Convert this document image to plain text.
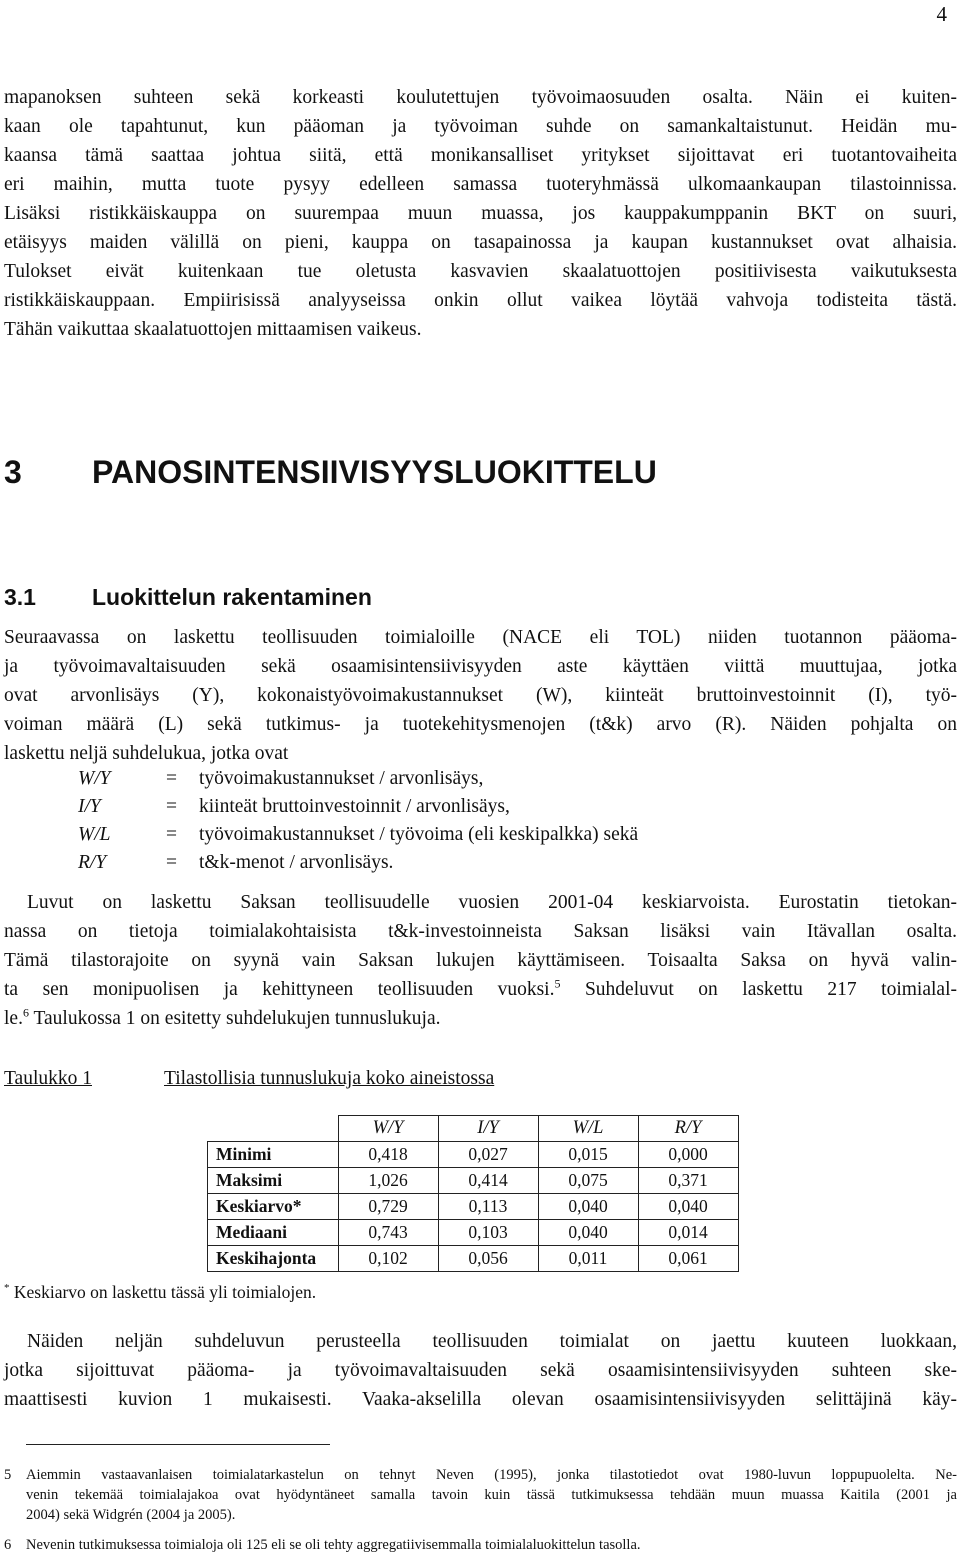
4

mapanoksen suhteen sekä korkeasti koulutettujen työvoimaosuuden osalta. Näin ei kuiten-
kaan ole tapahtunut, kun pääoman ja työvoiman suhde on samankaltaistunut. Heidän mu-
kaansa tämä saattaa johtua siitä, että monikansalliset yritykset sijoittavat eri tuotantovaiheita
eri maihin, mutta tuote pysyy edelleen samassa tuoteryhmässä ulkomaankaupan tilastoinnissa.
Lisäksi ristikkäiskauppa on suurempaa muun muassa, jos kauppakumppanin BKT on suuri,
etäisyys maiden välillä on pieni, kauppa on tasapainossa ja kaupan kustannukset ovat alhaisia.
Tulokset eivät kuitenkaan tue oletusta kasvavien skaalatuottojen positiivisesta vaikutuksesta
ristikkäiskauppaan. Empiirisissä analyyseissa onkin ollut vaikea löytää vahvoja todisteita tästä.
Tähän vaikuttaa skaalatuottojen mittaamisen vaikeus.

3 PANOSINTENSIIVISYYSLUOKITTELU
3.1 Luokittelun rakentaminen

Seuraavassa on laskettu teollisuuden toimialoille (NACE eli TOL) niiden tuotannon pääoma-
ja työvoimavaltaisuuden sekä osaamisintensiivisyyden aste käyttäen viittä muuttujaa, jotka
ovat arvonlisäys (Y), kokonaistyövoimakustannukset (W), kiinteät bruttoinvestoinnit (I), työ-
voiman määrä (L) sekä tutkimus- ja tuotekehitysmenojen (t&k) arvo (R). Näiden pohjalta on
laskettu neljä suhdelukua, jotka ovat

W/Y	=	työvoimakustannukset / arvonlisäys,
I/Y	=	kiinteät bruttoinvestoinnit / arvonlisäys,
W/L	=	työvoimakustannukset / työvoima (eli keskipalkka) sekä
R/Y	=	t&k-menot / arvonlisäys.

Luvut on laskettu Saksan teollisuudelle vuosien 2001-04 keskiarvoista. Eurostatin tietokan-
nassa on tietoja toimialakohtaisista t&k-investoinneista Saksan lisäksi vain Itävallan osalta.
Tämä tilastorajoite on syynä vain Saksan lukujen käyttämiseen. Toisaalta Saksa on hyvä valin-
ta sen monipuolisen ja kehittyneen teollisuuden vuoksi.$^5$ Suhdeluvut on laskettu 217 toimialal-
le.$^6$ Taulukossa 1 on esitetty suhdelukujen tunnuslukuja.

Taulukko 1	Tilastollisia tunnuslukuja koko aineistossa
	W/Y	I/Y	W/L	R/Y
Minimi	0,418	0,027	0,015	0,000
Maksimi	1,026	0,414	0,075	0,371
Keskiarvo*	0,729	0,113	0,040	0,040
Mediaani	0,743	0,103	0,040	0,014
Keskihajonta	0,102	0,056	0,011	0,061
* Keskiarvo on laskettu tässä yli toimialojen.

Näiden neljän suhdeluvun perusteella teollisuuden toimialat on jaettu kuuteen luokkaan,
jotka sijoittuvat pääoma- ja työvoimavaltaisuuden sekä osaamisintensiivisyyden suhteen ske-
maattisesti kuvion 1 mukaisesti. Vaaka-akselilla olevan osaamisintensiivisyyden selittäjinä käy-

5 Aiemmin vastaavanlaisen toimialatarkastelun on tehnyt Neven (1995), jonka tilastotiedot ovat 1980-luvun loppupuolelta. Ne-
venin tekemää toimialajakoa ovat hyödyntäneet samalla tavoin kuin tässä tutkimuksessa tehdään muun muassa Kaitila (2001 ja
2004) sekä Widgrén (2004 ja 2005).
6 Nevenin tutkimuksessa toimialoja oli 125 eli se oli tehty aggregatiivisemmalla toimialaluokittelun tasolla.
